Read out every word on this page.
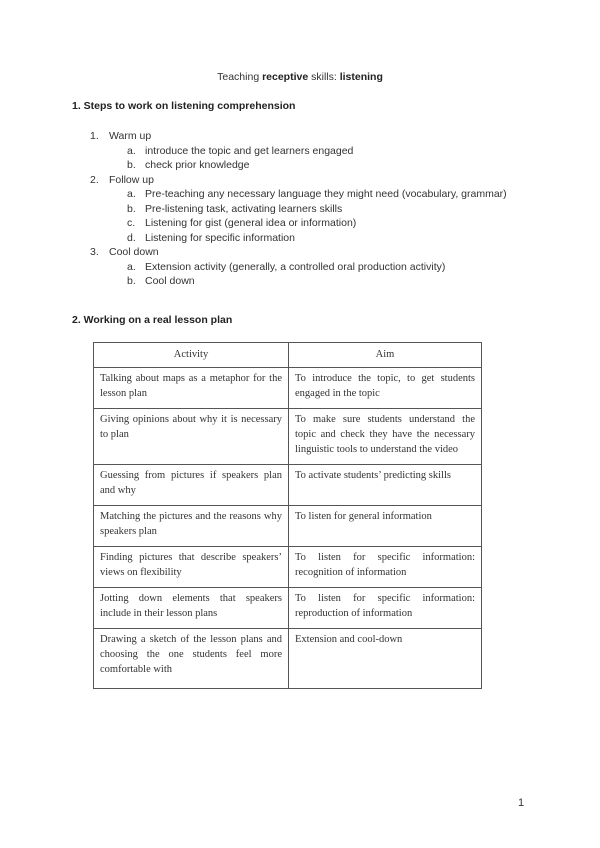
Teaching receptive skills: listening
1. Steps to work on listening comprehension
1. Warm up
a. introduce the topic and get learners engaged
b. check prior knowledge
2. Follow up
a. Pre-teaching any necessary language they might need (vocabulary, grammar)
b. Pre-listening task, activating learners skills
c. Listening for gist (general idea or information)
d. Listening for specific information
3. Cool down
a. Extension activity (generally, a controlled oral production activity)
b. Cool down
2. Working on a real lesson plan
Activity	Aim
Talking about maps as a metaphor for the lesson plan	To introduce the topic, to get students engaged in the topic
Giving opinions about why it is necessary to plan	To make sure students understand the topic and check they have the necessary linguistic tools to understand the video
Guessing from pictures if speakers plan and why	To activate students’ predicting skills
Matching the pictures and the reasons why speakers plan	To listen for general information
Finding pictures that describe speakers’ views on flexibility	To listen for specific information: recognition of information
Jotting down elements that speakers include in their lesson plans	To listen for specific information: reproduction of information
Drawing a sketch of the lesson plans and choosing the one students feel more comfortable with	Extension and cool-down
1
